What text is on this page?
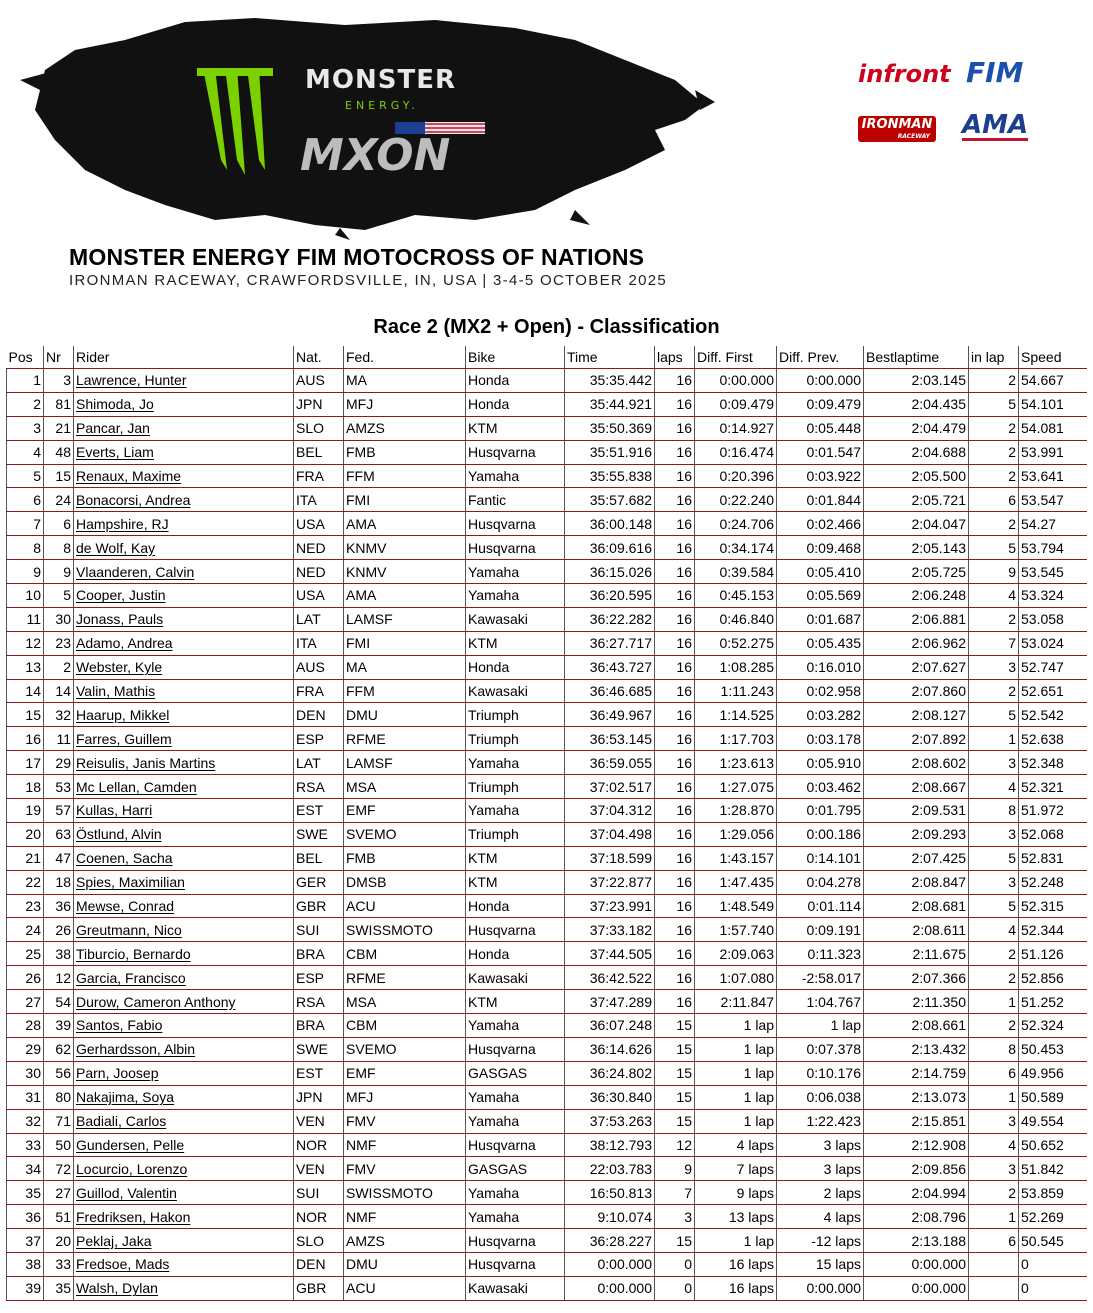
MONSTER
ENERGY.
MXON
infront FIM
IRONMAN
RACEWAY AMA
MONSTER ENERGY FIM MOTOCROSS OF NATIONS
IRONMAN RACEWAY, CRAWFORDSVILLE, IN, USA | 3-4-5 OCTOBER 2025
Race 2 (MX2 + Open) - Classification
Pos	Nr	Rider	Nat.	Fed.	Bike	Time	laps	Diff. First	Diff. Prev.	Bestlaptime	in lap	Speed
1	3	Lawrence, Hunter	AUS	MA	Honda	35:35.442	16	0:00.000	0:00.000	2:03.145	2	54.667
2	81	Shimoda, Jo	JPN	MFJ	Honda	35:44.921	16	0:09.479	0:09.479	2:04.435	5	54.101
3	21	Pancar, Jan	SLO	AMZS	KTM	35:50.369	16	0:14.927	0:05.448	2:04.479	2	54.081
4	48	Everts, Liam	BEL	FMB	Husqvarna	35:51.916	16	0:16.474	0:01.547	2:04.688	2	53.991
5	15	Renaux, Maxime	FRA	FFM	Yamaha	35:55.838	16	0:20.396	0:03.922	2:05.500	2	53.641
6	24	Bonacorsi, Andrea	ITA	FMI	Fantic	35:57.682	16	0:22.240	0:01.844	2:05.721	6	53.547
7	6	Hampshire, RJ	USA	AMA	Husqvarna	36:00.148	16	0:24.706	0:02.466	2:04.047	2	54.27
8	8	de Wolf, Kay	NED	KNMV	Husqvarna	36:09.616	16	0:34.174	0:09.468	2:05.143	5	53.794
9	9	Vlaanderen, Calvin	NED	KNMV	Yamaha	36:15.026	16	0:39.584	0:05.410	2:05.725	9	53.545
10	5	Cooper, Justin	USA	AMA	Yamaha	36:20.595	16	0:45.153	0:05.569	2:06.248	4	53.324
11	30	Jonass, Pauls	LAT	LAMSF	Kawasaki	36:22.282	16	0:46.840	0:01.687	2:06.881	2	53.058
12	23	Adamo, Andrea	ITA	FMI	KTM	36:27.717	16	0:52.275	0:05.435	2:06.962	7	53.024
13	2	Webster, Kyle	AUS	MA	Honda	36:43.727	16	1:08.285	0:16.010	2:07.627	3	52.747
14	14	Valin, Mathis	FRA	FFM	Kawasaki	36:46.685	16	1:11.243	0:02.958	2:07.860	2	52.651
15	32	Haarup, Mikkel	DEN	DMU	Triumph	36:49.967	16	1:14.525	0:03.282	2:08.127	5	52.542
16	11	Farres, Guillem	ESP	RFME	Triumph	36:53.145	16	1:17.703	0:03.178	2:07.892	1	52.638
17	29	Reisulis, Janis Martins	LAT	LAMSF	Yamaha	36:59.055	16	1:23.613	0:05.910	2:08.602	3	52.348
18	53	Mc Lellan, Camden	RSA	MSA	Triumph	37:02.517	16	1:27.075	0:03.462	2:08.667	4	52.321
19	57	Kullas, Harri	EST	EMF	Yamaha	37:04.312	16	1:28.870	0:01.795	2:09.531	8	51.972
20	63	Östlund, Alvin	SWE	SVEMO	Triumph	37:04.498	16	1:29.056	0:00.186	2:09.293	3	52.068
21	47	Coenen, Sacha	BEL	FMB	KTM	37:18.599	16	1:43.157	0:14.101	2:07.425	5	52.831
22	18	Spies, Maximilian	GER	DMSB	KTM	37:22.877	16	1:47.435	0:04.278	2:08.847	3	52.248
23	36	Mewse, Conrad	GBR	ACU	Honda	37:23.991	16	1:48.549	0:01.114	2:08.681	5	52.315
24	26	Greutmann, Nico	SUI	SWISSMOTO	Husqvarna	37:33.182	16	1:57.740	0:09.191	2:08.611	4	52.344
25	38	Tiburcio, Bernardo	BRA	CBM	Honda	37:44.505	16	2:09.063	0:11.323	2:11.675	2	51.126
26	12	Garcia, Francisco	ESP	RFME	Kawasaki	36:42.522	16	1:07.080	-2:58.017	2:07.366	2	52.856
27	54	Durow, Cameron Anthony	RSA	MSA	KTM	37:47.289	16	2:11.847	1:04.767	2:11.350	1	51.252
28	39	Santos, Fabio	BRA	CBM	Yamaha	36:07.248	15	1 lap	1 lap	2:08.661	2	52.324
29	62	Gerhardsson, Albin	SWE	SVEMO	Husqvarna	36:14.626	15	1 lap	0:07.378	2:13.432	8	50.453
30	56	Parn, Joosep	EST	EMF	GASGAS	36:24.802	15	1 lap	0:10.176	2:14.759	6	49.956
31	80	Nakajima, Soya	JPN	MFJ	Yamaha	36:30.840	15	1 lap	0:06.038	2:13.073	1	50.589
32	71	Badiali, Carlos	VEN	FMV	Yamaha	37:53.263	15	1 lap	1:22.423	2:15.851	3	49.554
33	50	Gundersen, Pelle	NOR	NMF	Husqvarna	38:12.793	12	4 laps	3 laps	2:12.908	4	50.652
34	72	Locurcio, Lorenzo	VEN	FMV	GASGAS	22:03.783	9	7 laps	3 laps	2:09.856	3	51.842
35	27	Guillod, Valentin	SUI	SWISSMOTO	Yamaha	16:50.813	7	9 laps	2 laps	2:04.994	2	53.859
36	51	Fredriksen, Hakon	NOR	NMF	Yamaha	9:10.074	3	13 laps	4 laps	2:08.796	1	52.269
37	20	Peklaj, Jaka	SLO	AMZS	Husqvarna	36:28.227	15	1 lap	-12 laps	2:13.188	6	50.545
38	33	Fredsoe, Mads	DEN	DMU	Husqvarna	0:00.000	0	16 laps	15 laps	0:00.000		0
39	35	Walsh, Dylan	GBR	ACU	Kawasaki	0:00.000	0	16 laps	0:00.000	0:00.000		0
